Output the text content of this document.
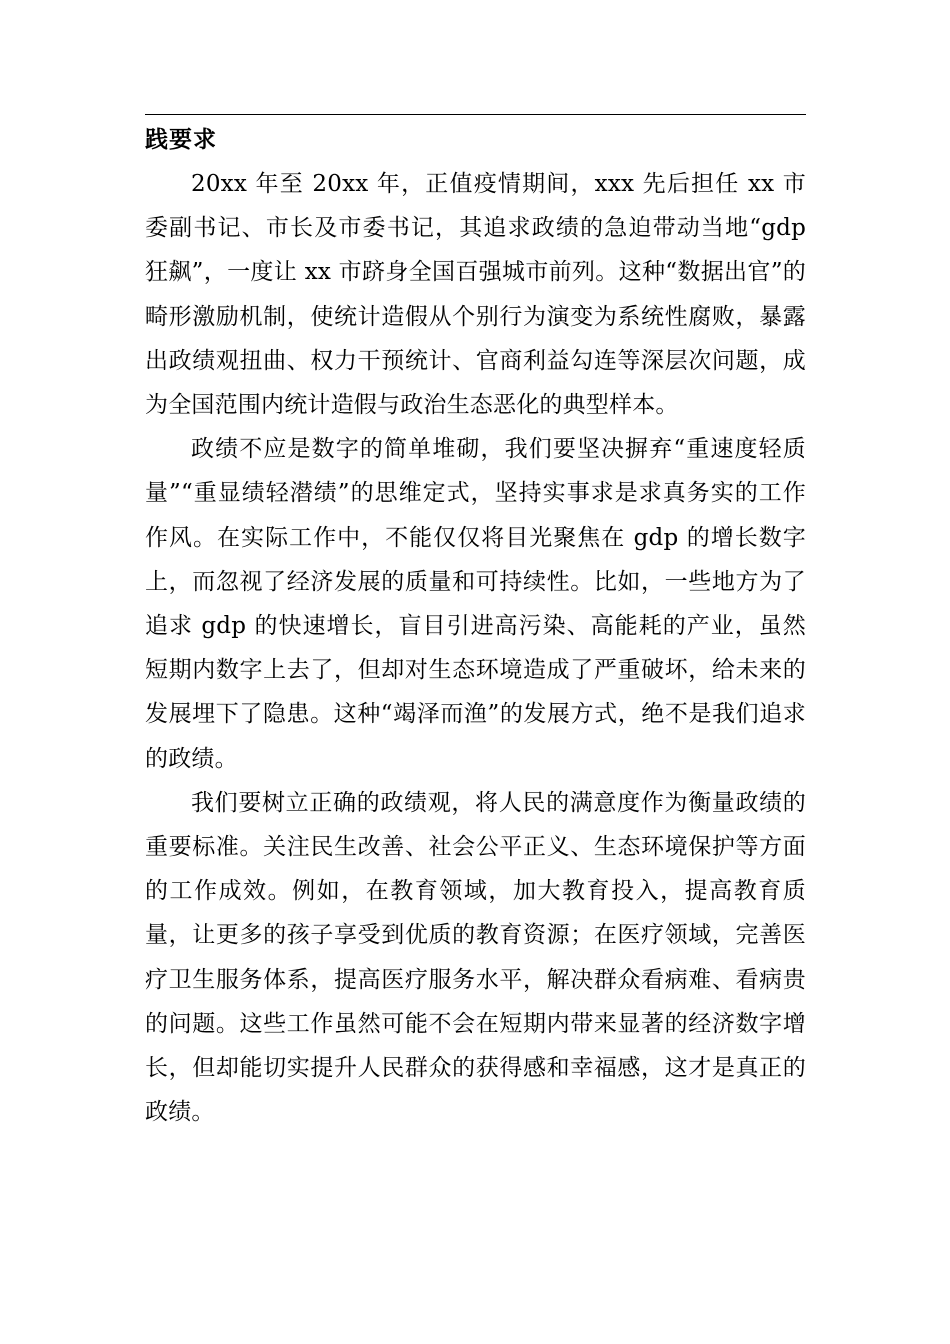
践要求

20xx 年至 20xx 年，正值疫情期间，xxx 先后担任 xx 市委副书记、市长及市委书记，其追求政绩的急迫带动当地“gdp 狂飙”，一度让 xx 市跻身全国百强城市前列。这种“数据出官”的畸形激励机制，使统计造假从个别行为演变为系统性腐败，暴露出政绩观扭曲、权力干预统计、官商利益勾连等深层次问题，成为全国范围内统计造假与政治生态恶化的典型样本。

政绩不应是数字的简单堆砌，我们要坚决摒弃“重速度轻质量”“重显绩轻潜绩”的思维定式，坚持实事求是求真务实的工作作风。在实际工作中，不能仅仅将目光聚焦在 gdp 的增长数字上，而忽视了经济发展的质量和可持续性。比如，一些地方为了追求 gdp 的快速增长，盲目引进高污染、高能耗的产业，虽然短期内数字上去了，但却对生态环境造成了严重破坏，给未来的发展埋下了隐患。这种“竭泽而渔”的发展方式，绝不是我们追求的政绩。

我们要树立正确的政绩观，将人民的满意度作为衡量政绩的重要标准。关注民生改善、社会公平正义、生态环境保护等方面的工作成效。例如，在教育领域，加大教育投入，提高教育质量，让更多的孩子享受到优质的教育资源；在医疗领域，完善医疗卫生服务体系，提高医疗服务水平，解决群众看病难、看病贵的问题。这些工作虽然可能不会在短期内带来显著的经济数字增长，但却能切实提升人民群众的获得感和幸福感，这才是真正的政绩。
